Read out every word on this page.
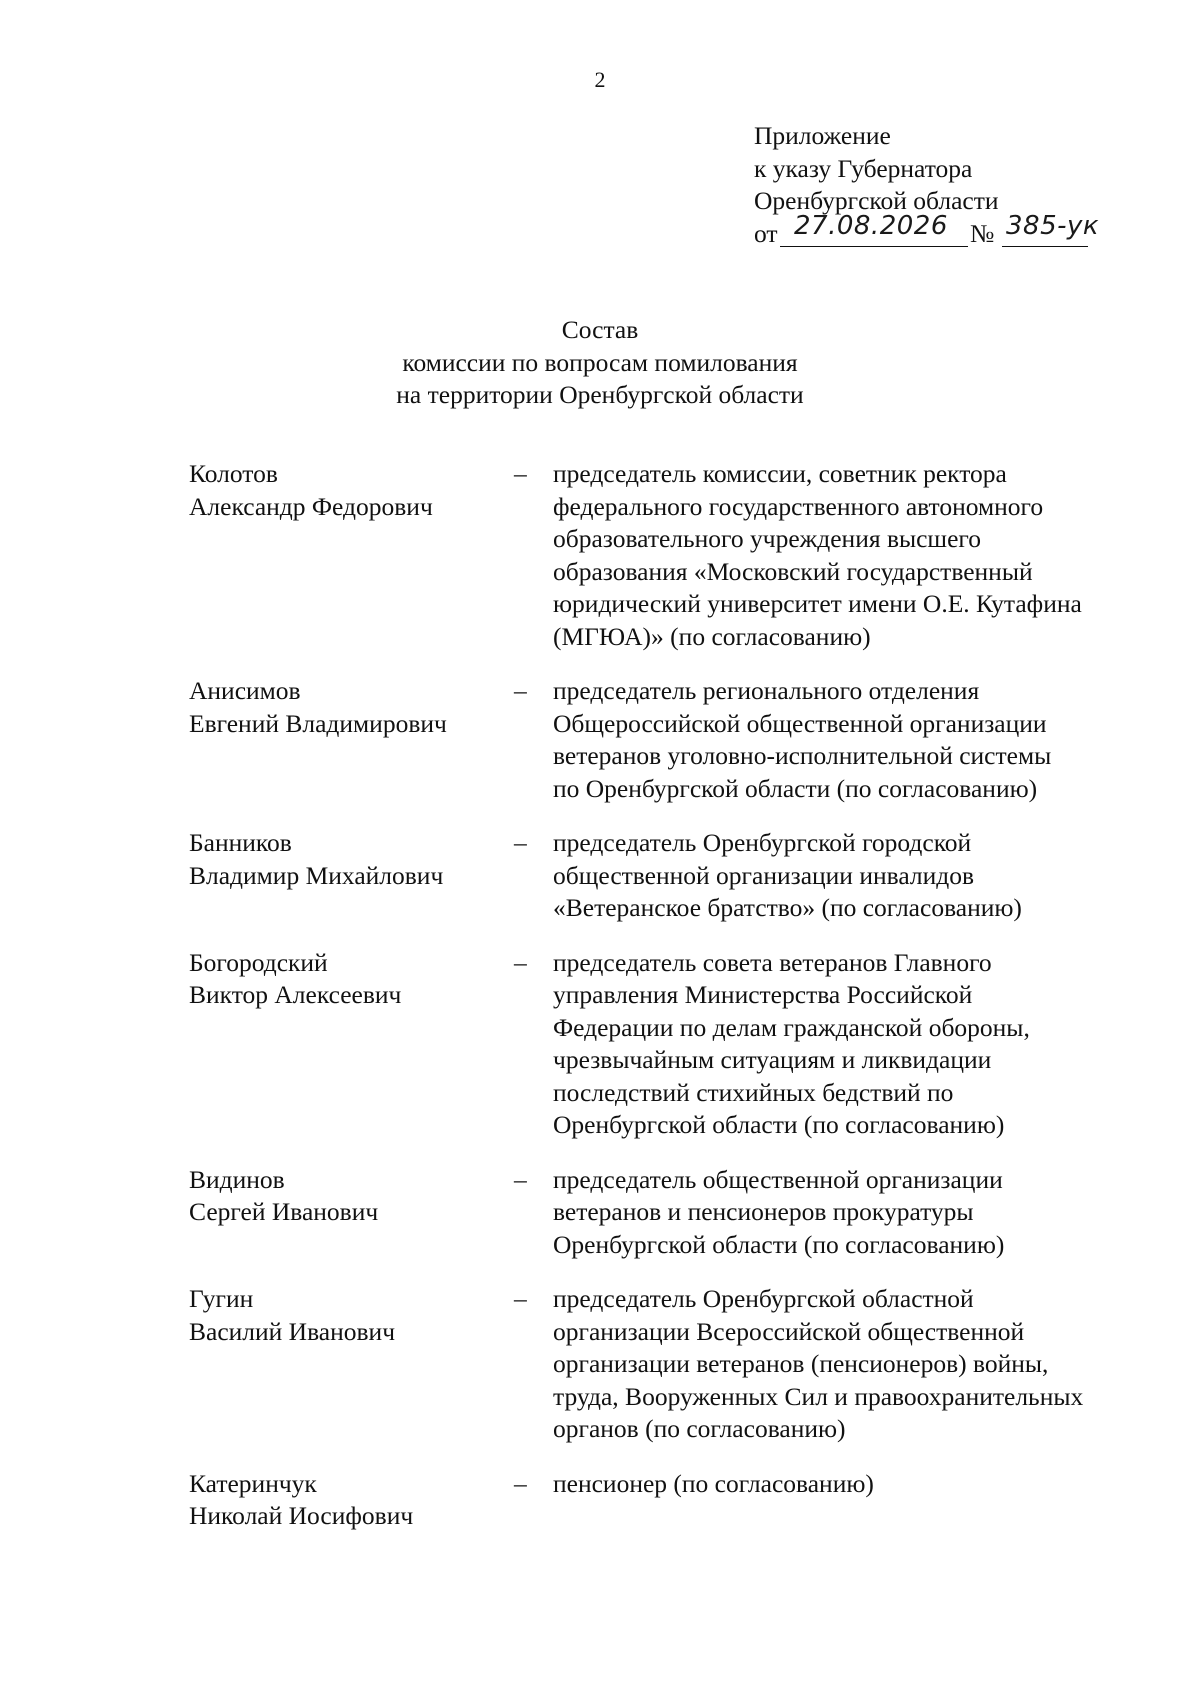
2
Приложение
к указу Губернатора
Оренбургской области
от 27.08.2026 № 385-ук
Состав
комиссии по вопросам помилования
на территории Оренбургской области
Колотов
Александр Федорович
– председатель комиссии, советник ректора
федерального государственного автономного
образовательного учреждения высшего
образования «Московский государственный
юридический университет имени О.Е. Кутафина
(МГЮА)» (по согласованию)
Анисимов
Евгений Владимирович
– председатель регионального отделения
Общероссийской общественной организации
ветеранов уголовно-исполнительной системы
по Оренбургской области (по согласованию)
Банников
Владимир Михайлович
– председатель Оренбургской городской
общественной организации инвалидов
«Ветеранское братство» (по согласованию)
Богородский
Виктор Алексеевич
– председатель совета ветеранов Главного
управления Министерства Российской
Федерации по делам гражданской обороны,
чрезвычайным ситуациям и ликвидации
последствий стихийных бедствий по
Оренбургской области (по согласованию)
Видинов
Сергей Иванович
– председатель общественной организации
ветеранов и пенсионеров прокуратуры
Оренбургской области (по согласованию)
Гугин
Василий Иванович
– председатель Оренбургской областной
организации Всероссийской общественной
организации ветеранов (пенсионеров) войны,
труда, Вооруженных Сил и правоохранительных
органов (по согласованию)
Катеринчук
Николай Иосифович
– пенсионер (по согласованию)
